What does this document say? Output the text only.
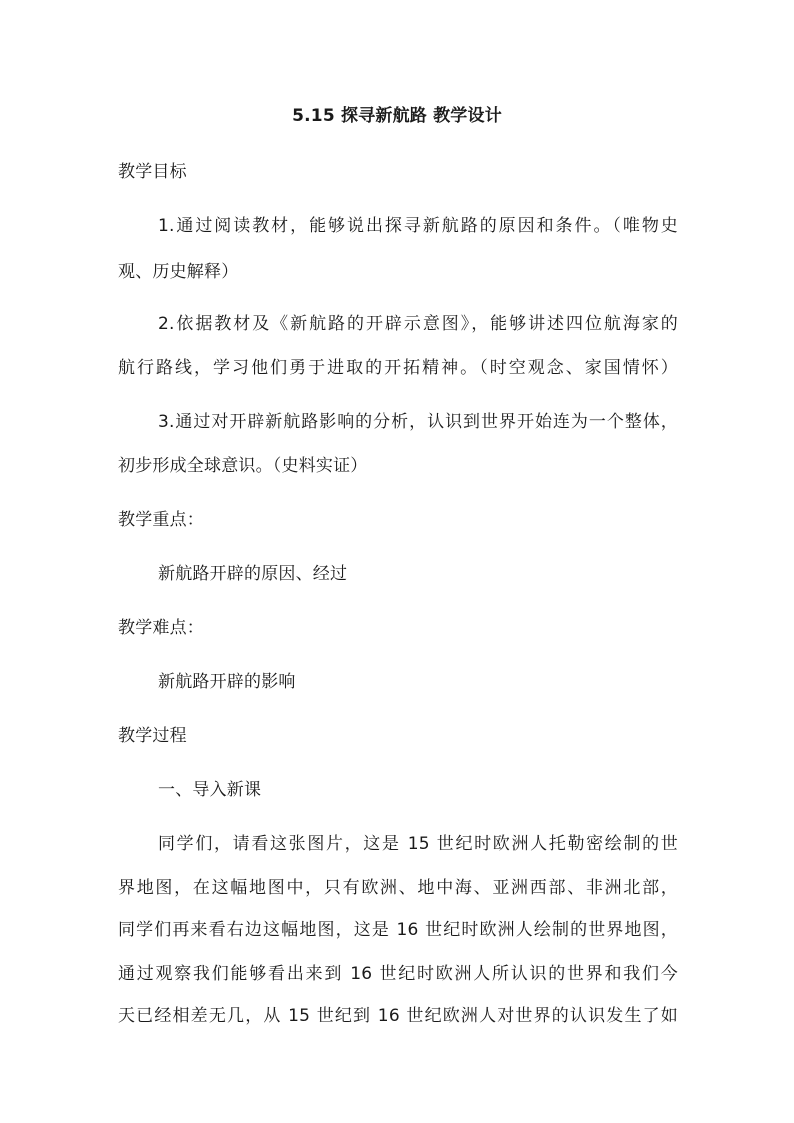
5.15 探寻新航路 教学设计
教学目标
1.通过阅读教材，能够说出探寻新航路的原因和条件。（唯物史
观、历史解释）
2.依据教材及《新航路的开辟示意图》，能够讲述四位航海家的
航行路线，学习他们勇于进取的开拓精神。（时空观念、家国情怀）
3.通过对开辟新航路影响的分析，认识到世界开始连为一个整体，
初步形成全球意识。（史料实证）
教学重点：
新航路开辟的原因、经过
教学难点：
新航路开辟的影响
教学过程
一、导入新课
同学们，请看这张图片，这是 15 世纪时欧洲人托勒密绘制的世
界地图，在这幅地图中，只有欧洲、地中海、亚洲西部、非洲北部，
同学们再来看右边这幅地图，这是 16 世纪时欧洲人绘制的世界地图，
通过观察我们能够看出来到 16 世纪时欧洲人所认识的世界和我们今
天已经相差无几，从 15 世纪到 16 世纪欧洲人对世界的认识发生了如
